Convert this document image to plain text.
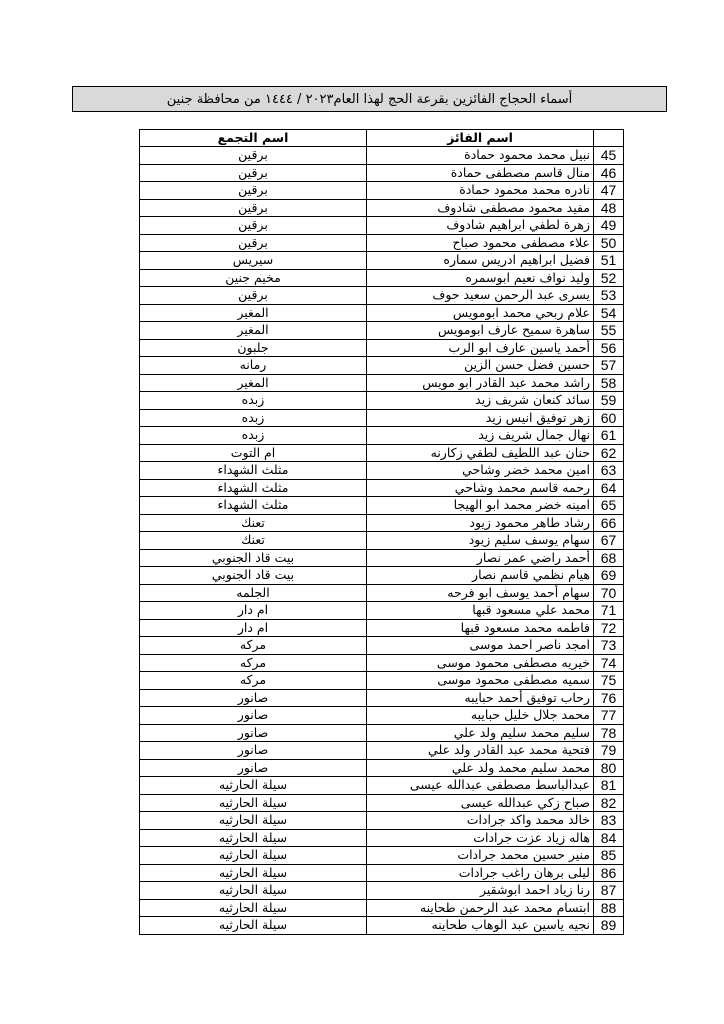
أسماء الحجاج الفائزين بقرعة الحج لهذا العام٢٠٢٣ / ١٤٤٤ من محافظة جنين
	اسم الفائز	اسم التجمع
45	نبيل محمد محمود حمادة	برقين
46	منال قاسم مصطفى حمادة	برقين
47	نادره محمد محمود حمادة	برقين
48	مفيد محمود مصطفى شادوف	برقين
49	زهرة لطفي ابراهيم شادوف	برقين
50	علاء مصطفى محمود صباح	برقين
51	فضيل ابراهيم ادريس سماره	سيريس
52	وليد نواف نعيم ابوسمره	مخيم جنين
53	يسرى عبد الرحمن سعيد حوف	برقين
54	علام ربحي محمد ابومويس	المغير
55	ساهرة سميح عارف ابومويس	المغير
56	أحمد ياسين عارف ابو الرب	جلبون
57	حسين فضل حسن الزين	رمانه
58	راشد محمد عبد القادر ابو مويس	المغير
59	سائد كنعان شريف زيد	زبده
60	زهر توفيق انيس زيد	زبده
61	نهال جمال شريف زيد	زبده
62	حنان عبد اللطيف لطفي زكارنه	ام التوت
63	امين محمد خضر وشاحي	مثلث الشهداء
64	رحمه قاسم محمد وشاحي	مثلث الشهداء
65	امينه خضر محمد ابو الهيجا	مثلث الشهداء
66	رشاد طاهر محمود زيود	تعنك
67	سهام يوسف سليم زيود	تعنك
68	أحمد راضي عمر نصار	بيت قاد الجنوبي
69	هيام نظمي قاسم نصار	بيت قاد الجنوبي
70	سهام أحمد يوسف ابو فرحه	الجلمه
71	محمد علي مسعود قبها	ام دار
72	فاطمه محمد مسعود قبها	ام دار
73	امجد ناصر احمد موسى	مركه
74	خيريه مصطفى محمود موسى	مركه
75	سميه مصطفى محمود موسى	مركه
76	رحاب توفيق أحمد حبايبه	صانور
77	محمد جلال خليل حبايبه	صانور
78	سليم محمد سليم ولد علي	صانور
79	فتحية محمد عبد القادر ولد علي	صانور
80	محمد سليم محمد ولد علي	صانور
81	عبدالباسط مصطفى عبدالله عيسى	سيلة الحارثيه
82	صباح زكي عبدالله عيسى	سيلة الحارثيه
83	خالد محمد واكد جرادات	سيلة الحارثيه
84	هاله زياد عزت جرادات	سيلة الحارثيه
85	منير حسين محمد جرادات	سيلة الحارثيه
86	ليلى برهان راغب جرادات	سيلة الحارثيه
87	رنا زياد احمد ابوشقير	سيلة الحارثيه
88	ابتسام محمد عبد الرحمن طحاينه	سيلة الحارثيه
89	نجيه ياسين عبد الوهاب طحاينه	سيلة الحارثيه
